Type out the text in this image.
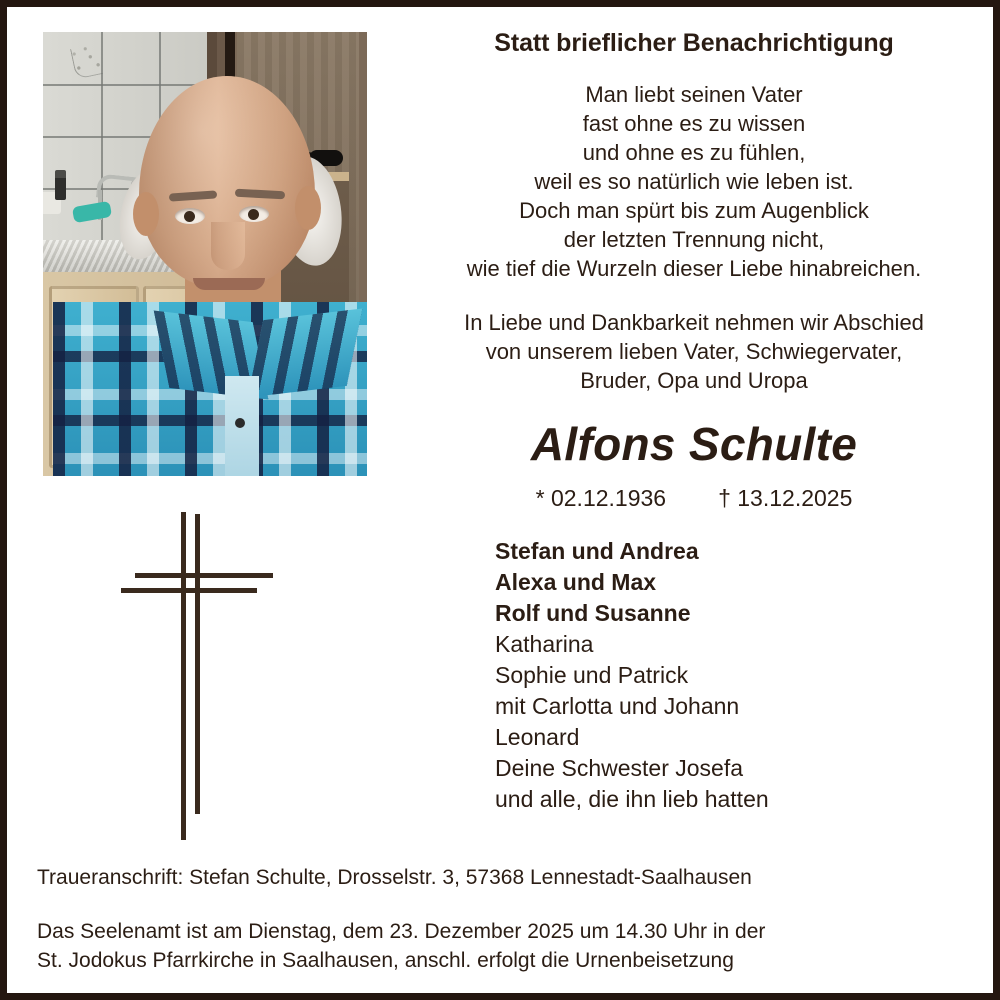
Statt brieflicher Benachrichtigung
Man liebt seinen Vater
fast ohne es zu wissen
und ohne es zu fühlen,
weil es so natürlich wie leben ist.
Doch man spürt bis zum Augenblick
der letzten Trennung nicht,
wie tief die Wurzeln dieser Liebe hinabreichen.
In Liebe und Dankbarkeit nehmen wir Abschied
von unserem lieben Vater, Schwiegervater,
Bruder, Opa und Uropa
Alfons Schulte
* 02.12.1936 † 13.12.2025
Stefan und Andrea
Alexa und Max
Rolf und Susanne
Katharina
Sophie und Patrick
mit Carlotta und Johann
Leonard
Deine Schwester Josefa
und alle, die ihn lieb hatten
Traueranschrift: Stefan Schulte, Drosselstr. 3, 57368 Lennestadt-Saalhausen
Das Seelenamt ist am Dienstag, dem 23. Dezember 2025 um 14.30 Uhr in der
St. Jodokus Pfarrkirche in Saalhausen, anschl. erfolgt die Urnenbeisetzung
